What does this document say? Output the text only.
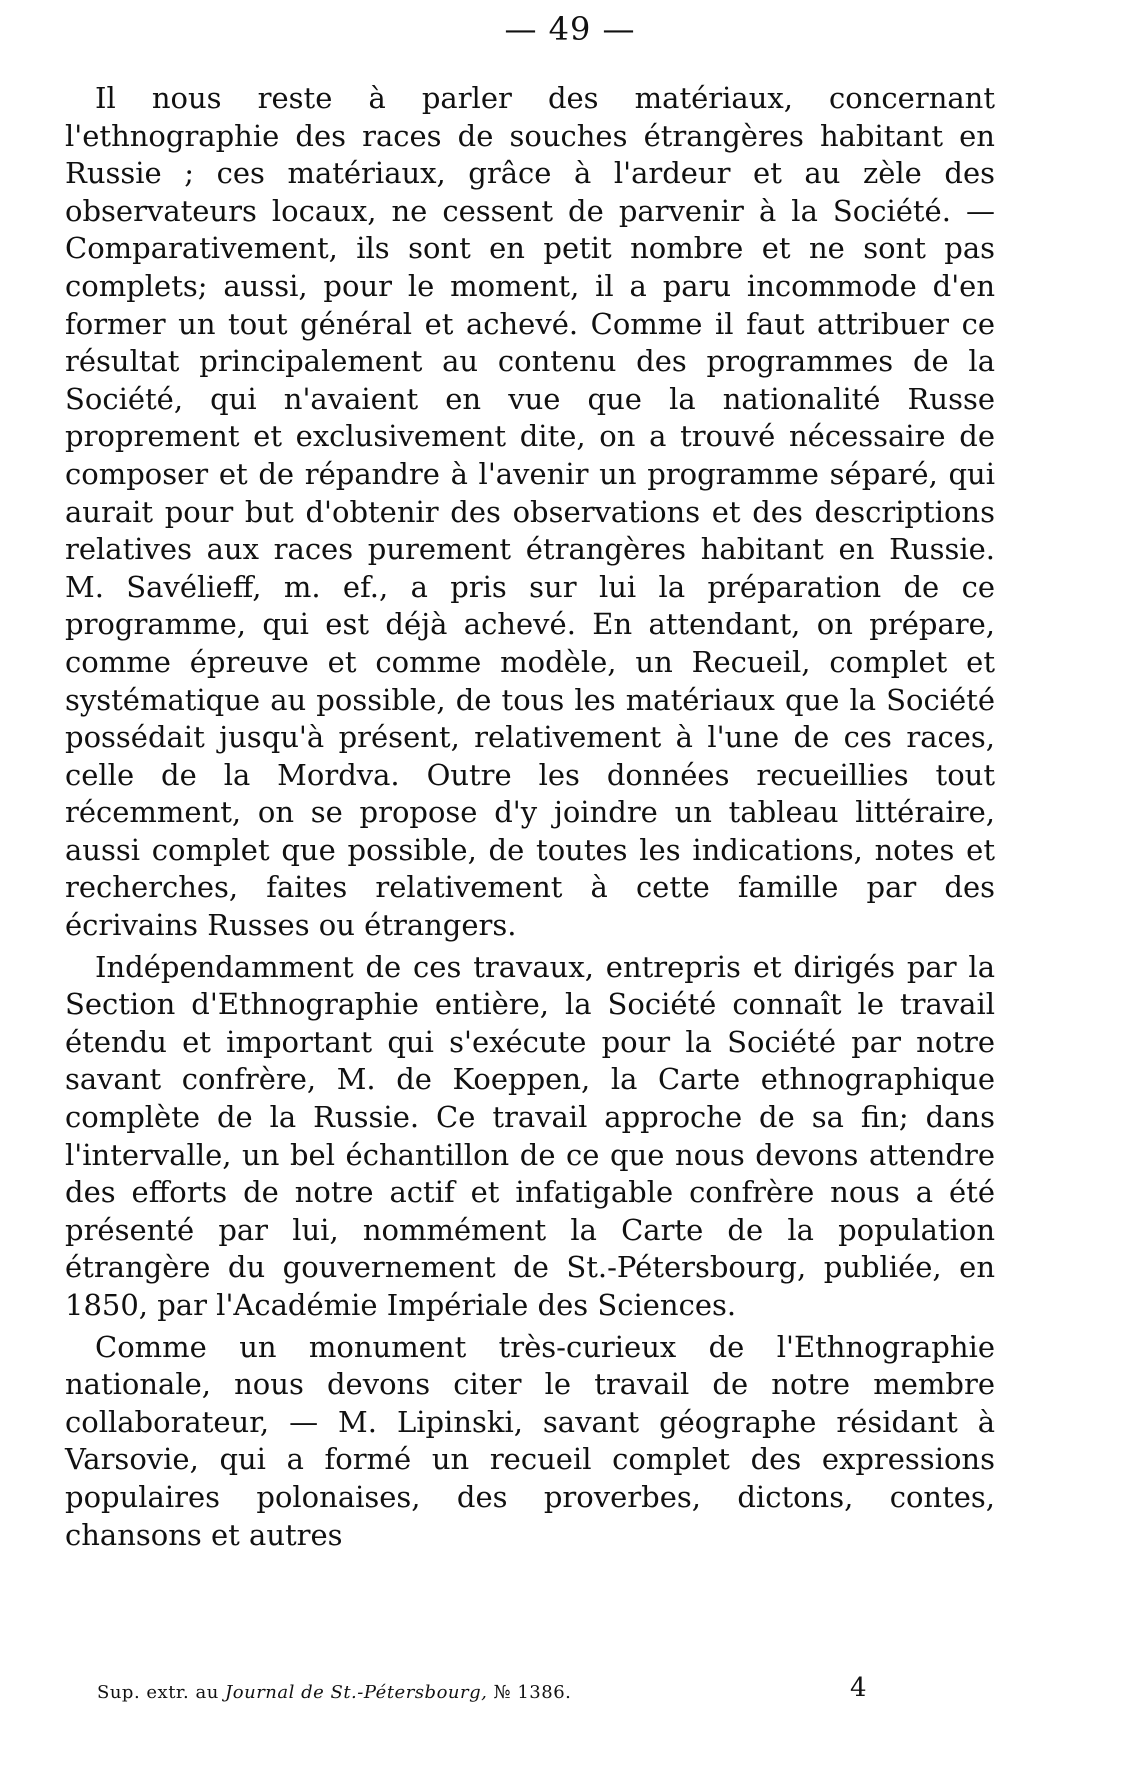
— 49 —

Il nous reste à parler des matériaux, concernant l'ethnographie des races de souches étrangères habitant en Russie ; ces matériaux, grâce à l'ardeur et au zèle des observateurs locaux, ne cessent de parvenir à la Société. — Comparativement, ils sont en petit nombre et ne sont pas complets; aussi, pour le moment, il a paru incommode d'en former un tout général et achevé. Comme il faut attribuer ce résultat principalement au contenu des programmes de la Société, qui n'avaient en vue que la nationalité Russe proprement et exclusivement dite, on a trouvé nécessaire de composer et de répandre à l'avenir un programme séparé, qui aurait pour but d'obtenir des observations et des descriptions relatives aux races purement étrangères habitant en Russie. M. Savélieff, m. ef., a pris sur lui la préparation de ce programme, qui est déjà achevé. En attendant, on prépare, comme épreuve et comme modèle, un Recueil, complet et systématique au possible, de tous les matériaux que la Société possédait jusqu'à présent, relativement à l'une de ces races, celle de la Mordva. Outre les données recueillies tout récemment, on se propose d'y joindre un tableau littéraire, aussi complet que possible, de toutes les indications, notes et recherches, faites relativement à cette famille par des écrivains Russes ou étrangers.

Indépendamment de ces travaux, entrepris et dirigés par la Section d'Ethnographie entière, la Société connaît le travail étendu et important qui s'exécute pour la Société par notre savant confrère, M. de Koeppen, la Carte ethnographique complète de la Russie. Ce travail approche de sa fin; dans l'intervalle, un bel échantillon de ce que nous devons attendre des efforts de notre actif et infatigable confrère nous a été présenté par lui, nommément la Carte de la population étrangère du gouvernement de St.-Pétersbourg, publiée, en 1850, par l'Académie Impériale des Sciences.

Comme un monument très-curieux de l'Ethnographie nationale, nous devons citer le travail de notre membre collaborateur, — M. Lipinski, savant géographe résidant à Varsovie, qui a formé un recueil complet des expressions populaires polonaises, des proverbes, dictons, contes, chansons et autres

Sup. extr. au Journal de St.-Pétersbourg, № 1386.	4
